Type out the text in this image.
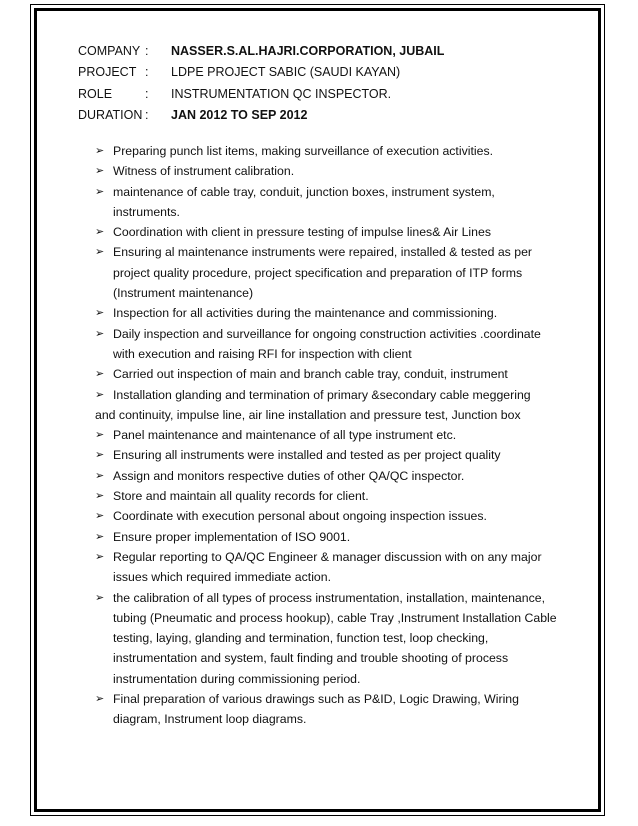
COMPANY :	NASSER.S.AL.HAJRI.CORPORATION, JUBAIL
PROJECT :	LDPE PROJECT SABIC (SAUDI KAYAN)
ROLE	:	INSTRUMENTATION QC INSPECTOR.
DURATION :	JAN 2012 TO SEP 2012
➢ Preparing punch list items, making surveillance of execution activities.
➢ Witness of instrument calibration.
➢ maintenance of cable tray, conduit, junction boxes, instrument system, instruments.
➢ Coordination with client in pressure testing of impulse lines& Air Lines
➢ Ensuring al maintenance instruments were repaired, installed & tested as per project quality procedure, project specification and preparation of ITP forms (Instrument maintenance)
➢ Inspection for all activities during the maintenance and commissioning.
➢ Daily inspection and surveillance for ongoing construction activities .coordinate with execution and raising RFI for inspection with client
➢ Carried out inspection of main and branch cable tray, conduit, instrument
➢ Installation glanding and termination of primary &secondary cable meggering
and continuity, impulse line, air line installation and pressure test, Junction box
➢ Panel maintenance and maintenance of all type instrument etc.
➢ Ensuring all instruments were installed and tested as per project quality
➢ Assign and monitors respective duties of other QA/QC inspector.
➢ Store and maintain all quality records for client.
➢ Coordinate with execution personal about ongoing inspection issues.
➢ Ensure proper implementation of ISO 9001.
➢ Regular reporting to QA/QC Engineer & manager discussion with on any major issues which required immediate action.
➢ the calibration of all types of process instrumentation, installation, maintenance, tubing (Pneumatic and process hookup), cable Tray ,Instrument Installation Cable testing, laying, glanding and termination, function test, loop checking, instrumentation and system, fault finding and trouble shooting of process instrumentation during commissioning period.
➢ Final preparation of various drawings such as P&ID, Logic Drawing, Wiring diagram, Instrument loop diagrams.
